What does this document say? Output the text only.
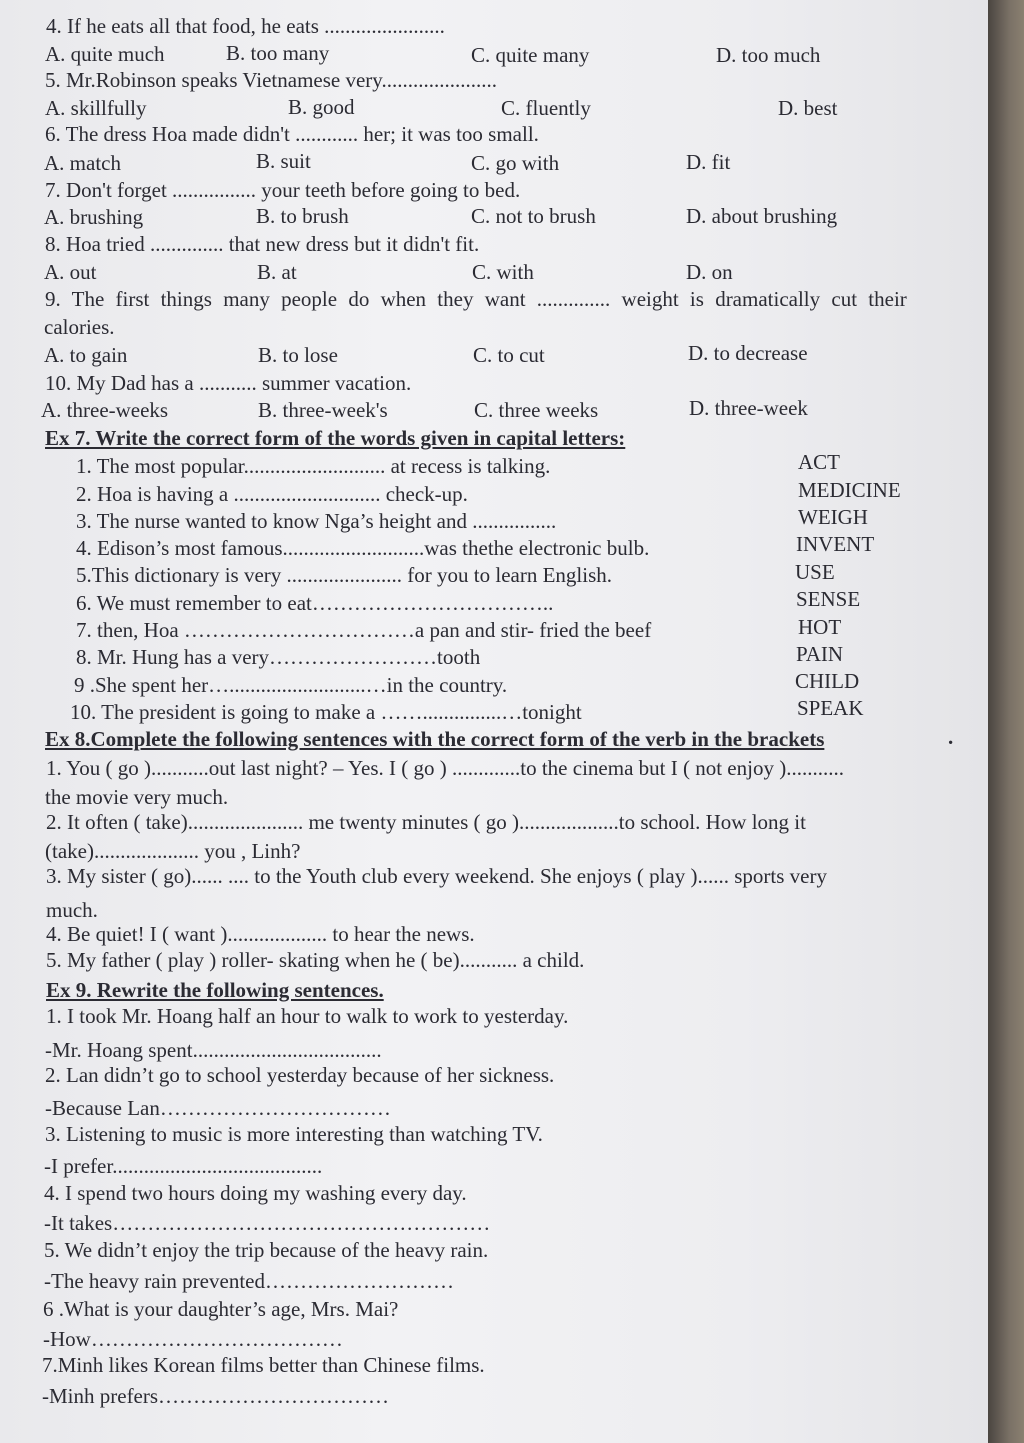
4. If he eats all that food, he eats .......................
A. quite much	B. too many	C. quite many	D. too much
5. Mr.Robinson speaks Vietnamese very......................
A. skillfully	B. good	C. fluently	D. best
6. The dress Hoa made didn't ............ her; it was too small.
A. match	B. suit	C. go with	D. fit
7. Don't forget ................ your teeth before going to bed.
A. brushing	B. to brush	C. not to brush	D. about brushing
8. Hoa tried .............. that new dress but it didn't fit.
A. out	B. at	C. with	D. on
9. The first things many people do when they want .............. weight is dramatically cut their
calories.
A. to gain	B. to lose	C. to cut	D. to decrease
10. My Dad has a ........... summer vacation.
A. three-weeks	B. three-week's	C. three weeks	D. three-week
Ex 7. Write the correct form of the words given in capital letters:
1. The most popular........................... at recess is talking.	ACT
2. Hoa is having a ............................ check-up.	MEDICINE
3. The nurse wanted to know Nga’s height and ................	WEIGH
4. Edison’s most famous...........................was thethe electronic bulb.	INVENT
5.This dictionary is very ...................... for you to learn English.	USE
6. We must remember to eat……………………………..	SENSE
7. then, Hoa ……………………………a pan and stir- fried the beef	HOT
8. Mr. Hung has a very……………………tooth	PAIN
9 .She spent her…..........................…in the country.	CHILD
10. The president is going to make a ……...............…tonight	SPEAK
Ex 8.Complete the following sentences with the correct form of the verb in the brackets	.
1. You ( go )...........out last night? – Yes. I ( go ) .............to the cinema but I ( not enjoy )...........
the movie very much.
2. It often ( take)...................... me twenty minutes ( go )...................to school. How long it
(take).................... you , Linh?
3. My sister ( go)...... .... to the Youth club every weekend. She enjoys ( play )...... sports very
much.
4. Be quiet! I ( want )................... to hear the news.
5. My father ( play ) roller- skating when he ( be)........... a child.
Ex 9. Rewrite the following sentences.
1. I took Mr. Hoang half an hour to walk to work to yesterday.
-Mr. Hoang spent....................................
2. Lan didn’t go to school yesterday because of her sickness.
-Because Lan……………………………
3. Listening to music is more interesting than watching TV.
-I prefer........................................
4. I spend two hours doing my washing every day.
-It takes………………………………………………
5. We didn’t enjoy the trip because of the heavy rain.
-The heavy rain prevented………………………
6 .What is your daughter’s age, Mrs. Mai?
-How………………………………
7.Minh likes Korean films better than Chinese films.
-Minh prefers……………………………
